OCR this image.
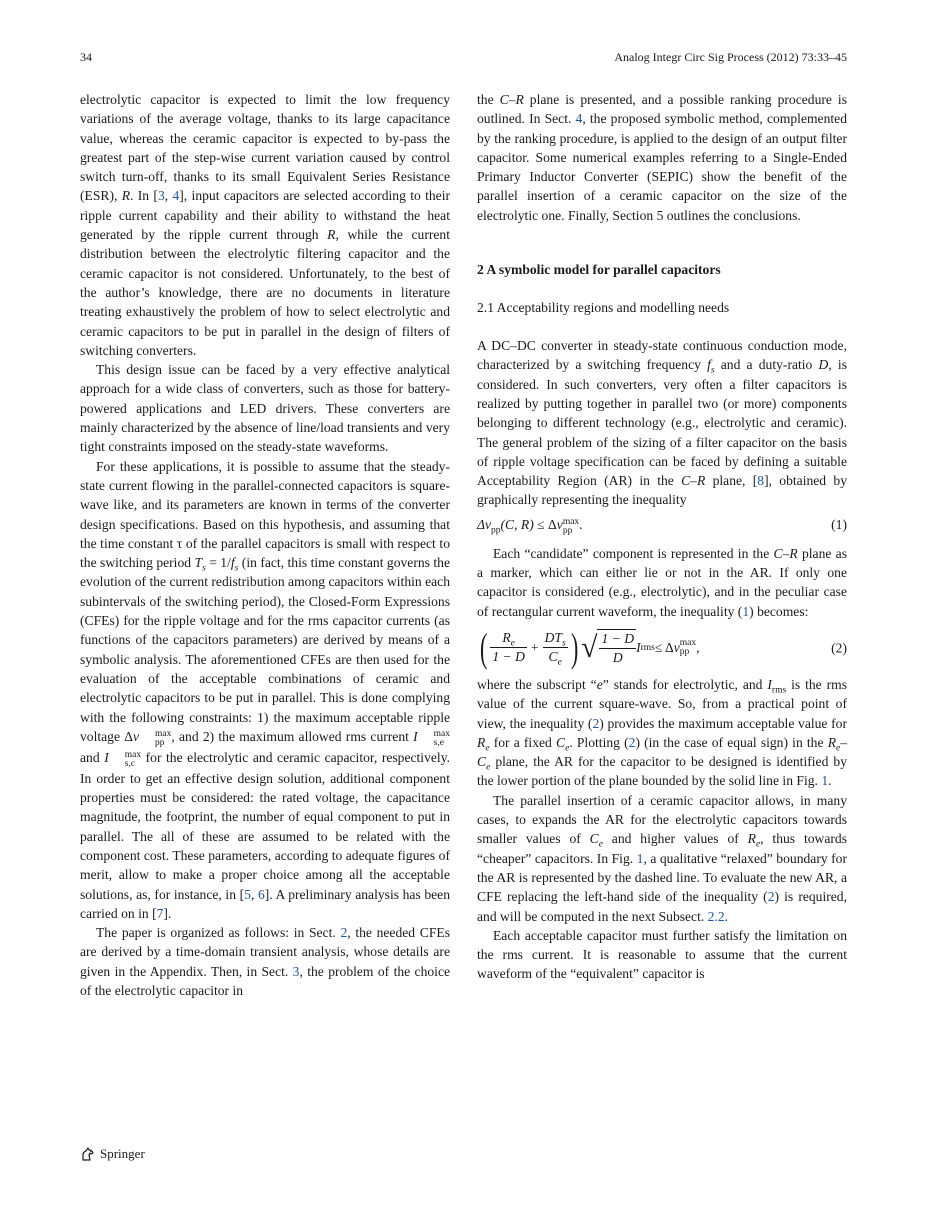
34	Analog Integr Circ Sig Process (2012) 73:33–45

electrolytic capacitor is expected to limit the low frequency variations of the average voltage, thanks to its large capacitance value, whereas the ceramic capacitor is expected to by-pass the greatest part of the step-wise current variation caused by control switch turn-off, thanks to its small Equivalent Series Resistance (ESR), R. In [3, 4], input capacitors are selected according to their ripple current capability and their ability to withstand the heat generated by the ripple current through R, while the current distribution between the electrolytic filtering capacitor and the ceramic capacitor is not considered. Unfortunately, to the best of the author’s knowledge, there are no documents in literature treating exhaustively the problem of how to select electrolytic and ceramic capacitors to be put in parallel in the design of filters of switching converters.

This design issue can be faced by a very effective analytical approach for a wide class of converters, such as those for battery-powered applications and LED drivers. These converters are mainly characterized by the absence of line/load transients and very tight constraints imposed on the steady-state waveforms.

For these applications, it is possible to assume that the steady-state current flowing in the parallel-connected capacitors is square-wave like, and its parameters are known in terms of the converter design specifications. Based on this hypothesis, and assuming that the time constant τ of the parallel capacitors is small with respect to the switching period $T_s = 1/f_s$ (in fact, this time constant governs the evolution of the current redistribution among capacitors within each subintervals of the switching period), the Closed-Form Expressions (CFEs) for the ripple voltage and for the rms capacitor currents (as functions of the capacitors parameters) are derived by means of a symbolic analysis. The aforementioned CFEs are then used for the evaluation of the acceptable combinations of ceramic and electrolytic capacitors to be put in parallel. This is done complying with the following constraints: 1) the maximum acceptable ripple voltage Δv	max
pp , and 2) the maximum allowed rms current I	max
s,e
and I	max
s,c for the electrolytic and ceramic capacitor, respectively. In order to get an effective design solution, additional component properties must be considered: the rated voltage, the capacitance magnitude, the footprint, the number of equal component to put in parallel. The all of these are assumed to be related with the component cost. These parameters, according to adequate figures of merit, allow to make a proper choice among all the acceptable solutions, as, for instance, in [5, 6]. A preliminary analysis has been carried on in [7].

The paper is organized as follows: in Sect. 2, the needed CFEs are derived by a time-domain transient analysis, whose details are given in the Appendix. Then, in Sect. 3, the problem of the choice of the electrolytic capacitor in

the C–R plane is presented, and a possible ranking procedure is outlined. In Sect. 4, the proposed symbolic method, complemented by the ranking procedure, is applied to the design of an output filter capacitor. Some numerical examples referring to a Single-Ended Primary Inductor Converter (SEPIC) show the benefit of the parallel insertion of a ceramic capacitor on the size of the electrolytic one. Finally, Section 5 outlines the conclusions.

2 A symbolic model for parallel capacitors
2.1 Acceptability regions and modelling needs

A DC–DC converter in steady-state continuous conduction mode, characterized by a switching frequency $f_s$ and a duty-ratio D, is considered. In such converters, very often a filter capacitors is realized by putting together in parallel two (or more) components belonging to different technology (e.g., electrolytic and ceramic). The general problem of the sizing of a filter capacitor on the basis of ripple voltage specification can be faced by defining a suitable Acceptability Region (AR) in the C–R plane, [8], obtained by graphically representing the inequality

$\Delta v_{pp}(C$, R) ≤ Δv max
pp .	(1)

Each “candidate” component is represented in the C–R plane as a marker, which can either lie or not in the AR. If only one capacitor is considered (e.g., electrolytic), and in the peculiar case of rectangular current waveform, the inequality (1) becomes:

( $\frac{R_e}{1 - D} + \frac{DT_s}{C_e}$ ) √ $\frac{1 - D}{D}$ I rms ≤ Δ v max
pp ,	(2)

where the subscript “e” stands for electrolytic, and $I_{rms}$ is the rms value of the current square-wave. So, from a practical point of view, the inequality (2) provides the maximum acceptable value for $R_e$ for a fixed $C_e$. Plotting (2) (in the case of equal sign) in the $R_e-C_e$ plane, the AR for the capacitor to be designed is identified by the lower portion of the plane bounded by the solid line in Fig. 1.

The parallel insertion of a ceramic capacitor allows, in many cases, to expands the AR for the electrolytic capacitors towards smaller values of $C_e$ and higher values of $R_e$, thus towards “cheaper” capacitors. In Fig. 1, a qualitative “relaxed” boundary for the AR is represented by the dashed line. To evaluate the new AR, a CFE replacing the left-hand side of the inequality (2) is required, and will be computed in the next Subsect. 2.2.

Each acceptable capacitor must further satisfy the limitation on the rms current. It is reasonable to assume that the current waveform of the “equivalent” capacitor is

Springer
